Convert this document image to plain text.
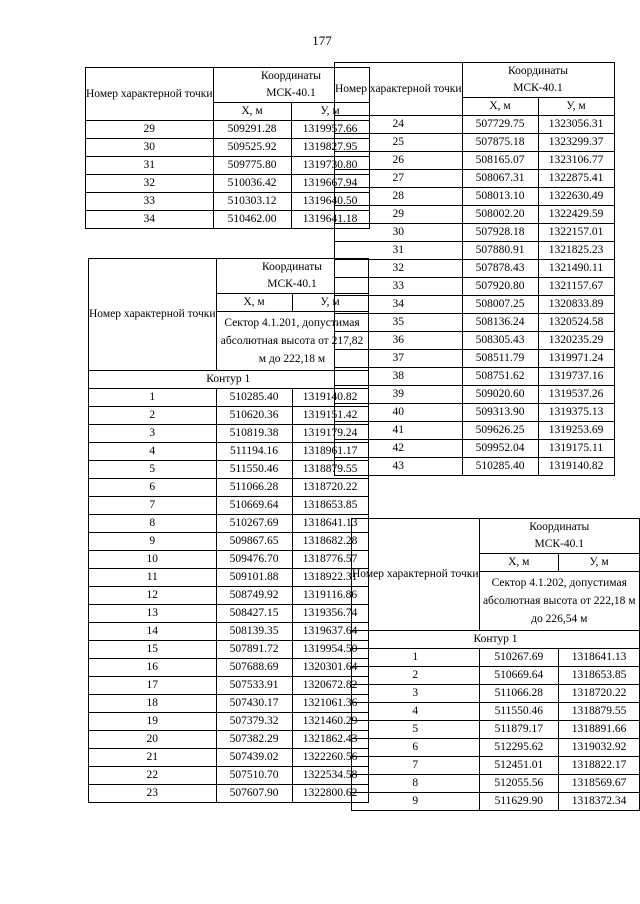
177
Номер характерной точки	Координаты
МСК-40.1	

	X, м	У, м
29	509291.28	1319957.66
30	509525.92	1319827.95
31	509775.80	1319730.80
32	510036.42	1319667.94
33	510303.12	1319640.50
34	510462.00	1319641.18
Номер характерной точки	Координаты
МСК-40.1	

	X, м	У, м
24	507729.75	1323056.31
25	507875.18	1323299.37
26	508165.07	1323106.77
27	508067.31	1322875.41
28	508013.10	1322630.49
29	508002.20	1322429.59
30	507928.18	1322157.01
31	507880.91	1321825.23
32	507878.43	1321490.11
33	507920.80	1321157.67
34	508007.25	1320833.89
35	508136.24	1320524.58
36	508305.43	1320235.29
37	508511.79	1319971.24
38	508751.62	1319737.16
39	509020.60	1319537.26
40	509313.90	1319375.13
41	509626.25	1319253.69
42	509952.04	1319175.11
43	510285.40	1319140.82
Номер характерной точки	Координаты
МСК-40.1	

	X, м	У, м
	Сектор 4.1.201, допустимая абсолютная высота от 217,82 м до 222,18 м	
Контур 1		
1	510285.40	1319140.82
2	510620.36	1319151.42
3	510819.38	1319179.24
4	511194.16	1318961.17
5	511550.46	1318879.55
6	511066.28	1318720.22
7	510669.64	1318653.85
8	510267.69	1318641.13
9	509867.65	1318682.28
10	509476.70	1318776.57
11	509101.88	1318922.31
12	508749.92	1319116.86
13	508427.15	1319356.74
14	508139.35	1319637.64
15	507891.72	1319954.50
16	507688.69	1320301.64
17	507533.91	1320672.82
18	507430.17	1321061.36
19	507379.32	1321460.29
20	507382.29	1321862.43
21	507439.02	1322260.56
22	507510.70	1322534.58
23	507607.90	1322800.62
Номер характерной точки	Координаты
МСК-40.1	

	X, м	У, м
	Сектор 4.1.202, допустимая абсолютная высота от 222,18 м до 226,54 м	
Контур 1		
1	510267.69	1318641.13
2	510669.64	1318653.85
3	511066.28	1318720.22
4	511550.46	1318879.55
5	511879.17	1318891.66
6	512295.62	1319032.92
7	512451.01	1318822.17
8	512055.56	1318569.67
9	511629.90	1318372.34
